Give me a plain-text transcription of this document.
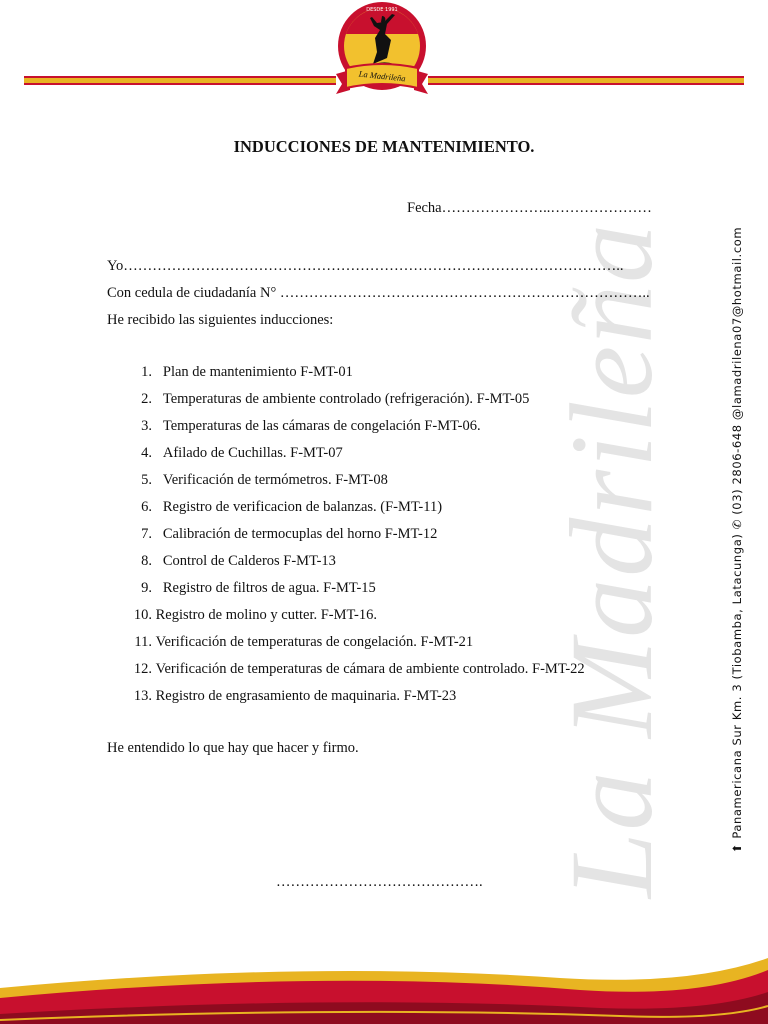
DESDE 1991
La Madrileña
La Madrileña
INDUCCIONES DE MANTENIMIENTO.
Fecha…………………..…………………
Yo…………………………………………………………………………………………..
Con cedula de ciudadanía N° …………………………………………………………………..
He recibido las siguientes inducciones:
1. Plan de mantenimiento F-MT-01
2. Temperaturas de ambiente controlado (refrigeración). F-MT-05
3. Temperaturas de las cámaras de congelación F-MT-06.
4. Afilado de Cuchillas. F-MT-07
5. Verificación de termómetros. F-MT-08
6. Registro de verificacion de balanzas. (F-MT-11)
7. Calibración de termocuplas del horno F-MT-12
8. Control de Calderos F-MT-13
9. Registro de filtros de agua. F-MT-15
10. Registro de molino y cutter. F-MT-16.
11. Verificación de temperaturas de congelación. F-MT-21
12. Verificación de temperaturas de cámara de ambiente controlado. F-MT-22
13. Registro de engrasamiento de maquinaria. F-MT-23
He entendido lo que hay que hacer y firmo.
…………………………………….
⬆ Panamericana Sur Km. 3 (Tiobamba, Latacunga) ✆ (03) 2806-648 @lamadrilena07@hotmail.com
